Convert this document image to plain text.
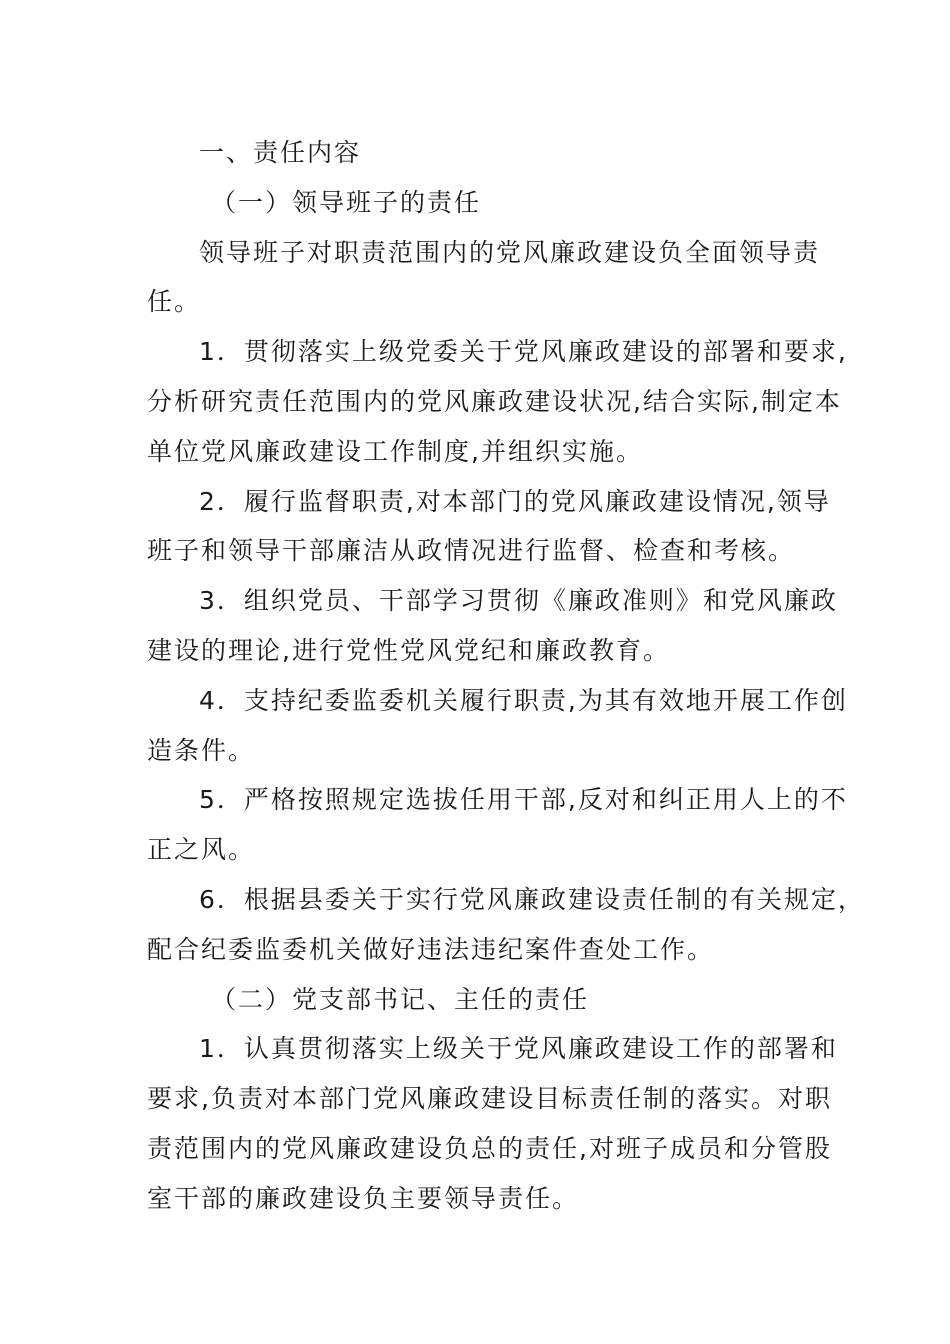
一、责任内容

（一）领导班子的责任

领导班子对职责范围内的党风廉政建设负全面领导责

任。

1．贯彻落实上级党委关于党风廉政建设的部署和要求,

分析研究责任范围内的党风廉政建设状况,结合实际,制定本

单位党风廉政建设工作制度,并组织实施。

2．履行监督职责,对本部门的党风廉政建设情况,领导

班子和领导干部廉洁从政情况进行监督、检查和考核。

3．组织党员、干部学习贯彻《廉政准则》和党风廉政

建设的理论,进行党性党风党纪和廉政教育。

4．支持纪委监委机关履行职责,为其有效地开展工作创

造条件。

5．严格按照规定选拔任用干部,反对和纠正用人上的不

正之风。

6．根据县委关于实行党风廉政建设责任制的有关规定，

配合纪委监委机关做好违法违纪案件查处工作。

（二）党支部书记、主任的责任

1．认真贯彻落实上级关于党风廉政建设工作的部署和

要求,负责对本部门党风廉政建设目标责任制的落实。对职

责范围内的党风廉政建设负总的责任,对班子成员和分管股

室干部的廉政建设负主要领导责任。
